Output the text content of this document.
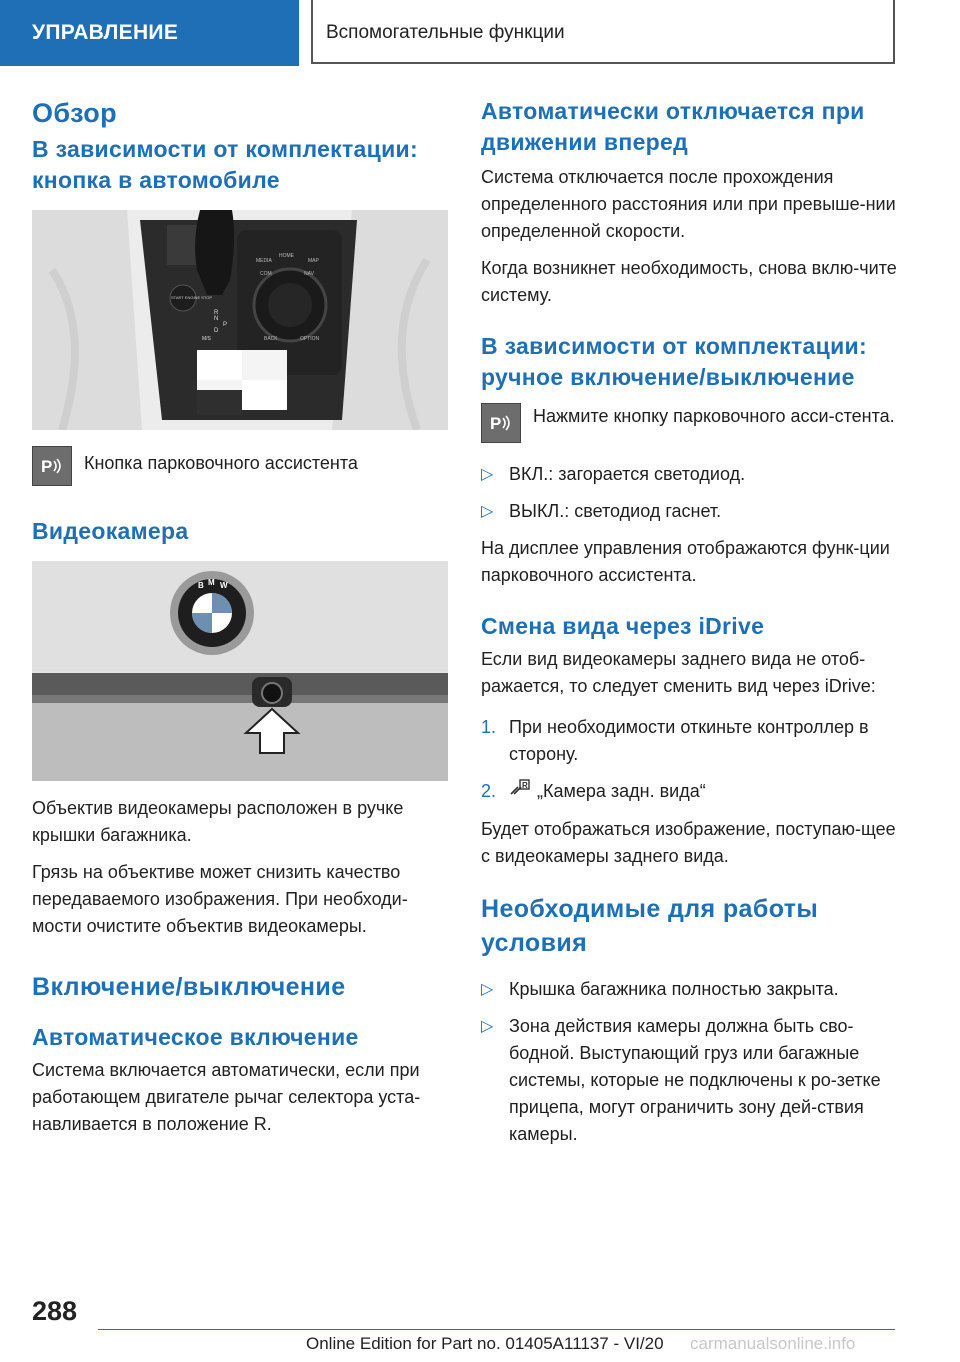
УПРАВЛЕНИЕ	Вспомогательные функции
Обзор
В зависимости от комплектации: кнопка в автомобиле
MEDIA
HOME
MAP
COM	NAV
BACK	OPTION
START ENGINE STOP
P
R
N
D
M/S
P Кнопка парковочного ассистента
Видеокамера
B M W

Объектив видеокамеры расположен в ручке крышки багажника.

Грязь на объективе может снизить качество передаваемого изображения. При необходи-мости очистите объектив видеокамеры.

Включение/выключение
Автоматическое включение

Система включается автоматически, если при работающем двигателе рычаг селектора уста-навливается в положение R.

Автоматически отключается при движении вперед

Система отключается после прохождения определенного расстояния или при превыше-нии определенной скорости.

Когда возникнет необходимость, снова вклю-чите систему.

В зависимости от комплектации: ручное включение/выключение
P Нажмите кнопку парковочного асси-стента.
▷ ВКЛ.: загорается светодиод.
▷ ВЫКЛ.: светодиод гаснет.

На дисплее управления отображаются функ-ции парковочного ассистента.

Смена вида через iDrive

Если вид видеокамеры заднего вида не отоб-ражается, то следует сменить вид через iDrive:

1. При необходимости откиньте контроллер в сторону.
2.	R „Камера задн. вида“

Будет отображаться изображение, поступаю-щее с видеокамеры заднего вида.

Необходимые для работы условия
▷ Крышка багажника полностью закрыта.
▷ Зона действия камеры должна быть сво-бодной. Выступающий груз или багажные системы, которые не подключены к ро-зетке прицепа, могут ограничить зону дей-ствия камеры.
288
Online Edition for Part no. 01405A11137 - VI/20 carmanualsonline.info
